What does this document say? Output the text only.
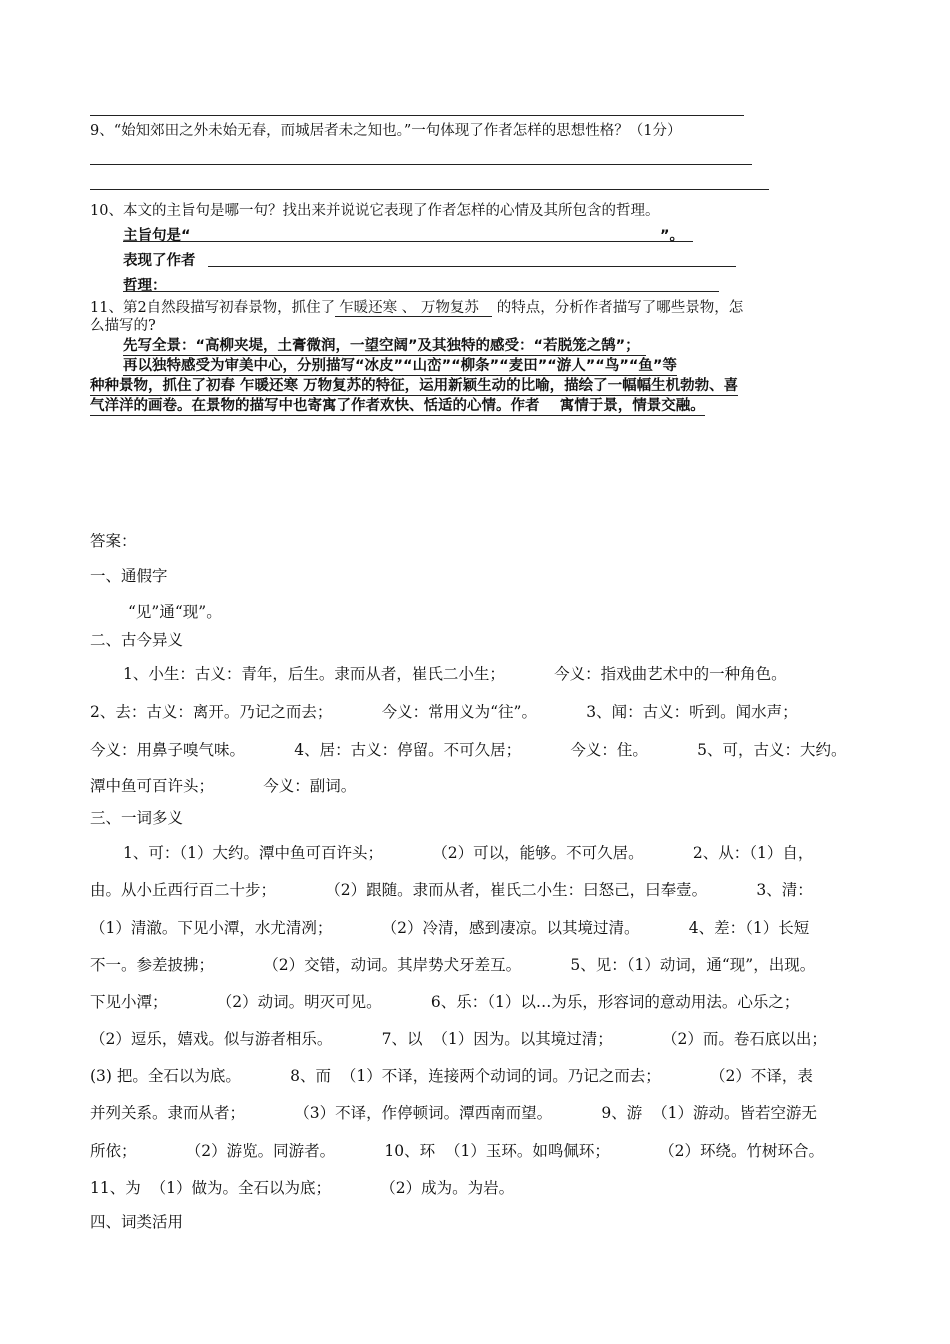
9、“始知郊田之外未始无春，而城居者未之知也。”一句体现了作者怎样的思想性格？（1分）
10、本文的主旨句是哪一句？找出来并说说它表现了作者怎样的心情及其所包含的哲理。
主旨句是“	”。
表现了作者
哲理：
11、第2自然段描写初春景物，抓住了 乍暖还寒 、 万物复苏 的特点，分析作者描写了哪些景物，怎
么描写的?
先写全景：“高柳夹堤，土膏微润，一望空阔”及其独特的感受：“若脱笼之鹄”；
再以独特感受为审美中心，分别描写“冰皮”“山峦”“柳条”“麦田”“游人”“鸟”“鱼”等
种种景物，抓住了初春 乍暖还寒 万物复苏的特征，运用新颖生动的比喻，描绘了一幅幅生机勃勃、喜
气洋洋的画卷。在景物的描写中也寄寓了作者欢快、恬适的心情。作者    寓情于景，情景交融。
答案：
一、通假字
“见”通“现”。
二、古今异义
1、小生：古义：青年，后生。隶而从者，崔氏二小生；          今义：指戏曲艺术中的一种角色。
2、去：古义：离开。乃记之而去；          今义：常用义为“往”。          3、闻：古义：听到。闻水声；
今义：用鼻子嗅气味。          4、居：古义：停留。不可久居；          今义：住。          5、可，古义：大约。
潭中鱼可百许头；          今义：副词。
三、一词多义
1、可：（1）大约。潭中鱼可百许头；          （2）可以，能够。不可久居。          2、从：（1）自，
由。从小丘西行百二十步；          （2）跟随。隶而从者，崔氏二小生：曰怒己，曰奉壹。          3、清：
（1）清澈。下见小潭，水尤清冽；          （2）冷清，感到凄凉。以其境过清。          4、差：（1）长短
不一。参差披拂；          （2）交错，动词。其岸势犬牙差互。          5、见：（1）动词，通“现”，出现。
下见小潭；          （2）动词。明灭可见。          6、乐：（1）以…为乐，形容词的意动用法。心乐之；
（2）逗乐，嬉戏。似与游者相乐。          7、以  （1）因为。以其境过清；          （2）而。卷石底以出；
(3) 把。全石以为底。          8、而  （1）不译，连接两个动词的词。乃记之而去；          （2）不译，表
并列关系。隶而从者；          （3）不译，作停顿词。潭西南而望。          9、游  （1）游动。皆若空游无
所依；          （2）游览。同游者。          10、环  （1）玉环。如鸣佩环；          （2）环绕。竹树环合。
11、为  （1）做为。全石以为底；          （2）成为。为岩。
四、词类活用
